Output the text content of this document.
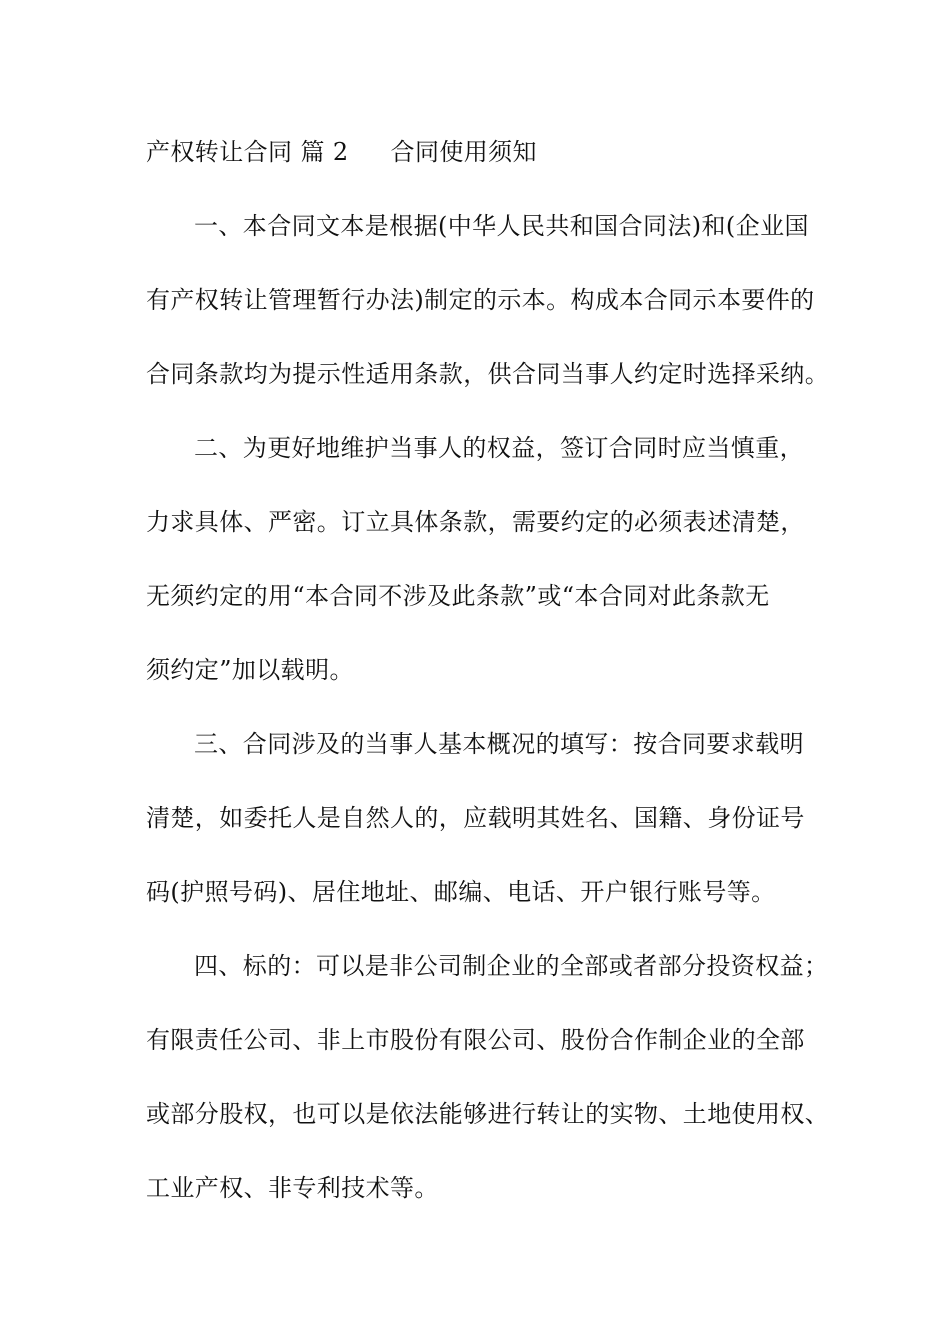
产权转让合同 篇 2 合同使用须知
一、本合同文本是根据(中华人民共和国合同法)和(企业国
有产权转让管理暂行办法)制定的示本。构成本合同示本要件的
合同条款均为提示性适用条款，供合同当事人约定时选择采纳。
二、为更好地维护当事人的权益，签订合同时应当慎重，
力求具体、严密。订立具体条款，需要约定的必须表述清楚，
无须约定的用“本合同不涉及此条款”或“本合同对此条款无
须约定”加以载明。
三、合同涉及的当事人基本概况的填写：按合同要求载明
清楚，如委托人是自然人的，应载明其姓名、国籍、身份证号
码(护照号码)、居住地址、邮编、电话、开户银行账号等。
四、标的：可以是非公司制企业的全部或者部分投资权益；
有限责任公司、非上市股份有限公司、股份合作制企业的全部
或部分股权，也可以是依法能够进行转让的实物、土地使用权、
工业产权、非专利技术等。
